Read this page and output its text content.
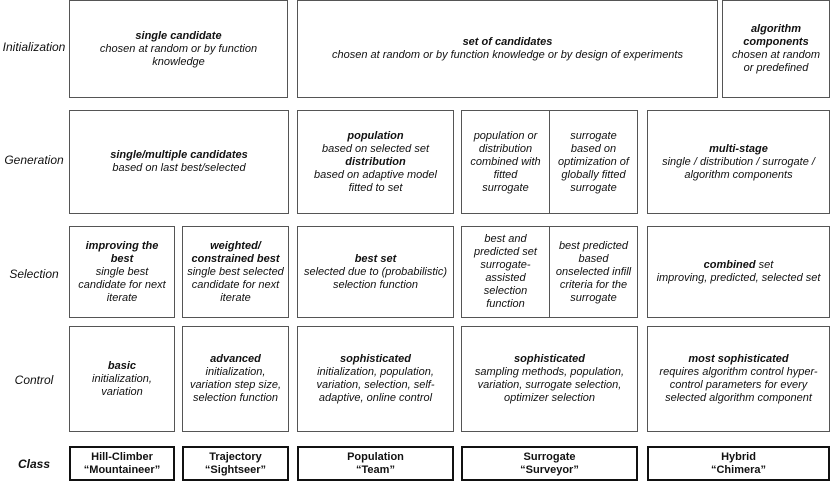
Initialization
Generation
Selection
Control
Class
single candidate
chosen at random or by function knowledge
set of candidates
chosen at random or by function knowledge or by design of experiments
algorithm components
chosen at random or predefined
single/multiple candidates
based on last best/selected
population
based on selected set
distribution
based on adaptive model fitted to set
population or
distribution
combined with fitted
surrogate
surrogate
based on optimization of globally fitted surrogate
multi-stage
single / distribution / surrogate / algorithm components
improving the best
single best candidate for next iterate
weighted/ constrained best
single best selected candidate for next iterate
best set
selected due to (probabilistic) selection function
best and
predicted set
surrogate-assisted selection function
best predicted
based onselected infill criteria for the surrogate
combined set
improving, predicted, selected set
basic
initialization, variation
advanced
initialization, variation step size, selection function
sophisticated
initialization, population, variation, selection, self-adaptive, online control
sophisticated
sampling methods, population, variation, surrogate selection, optimizer selection
most sophisticated
requires algorithm control hyper-control parameters for every selected algorithm component
Hill-Climber
“Mountaineer”
Trajectory
“Sightseer”
Population
“Team”
Surrogate
“Surveyor”
Hybrid
“Chimera”
